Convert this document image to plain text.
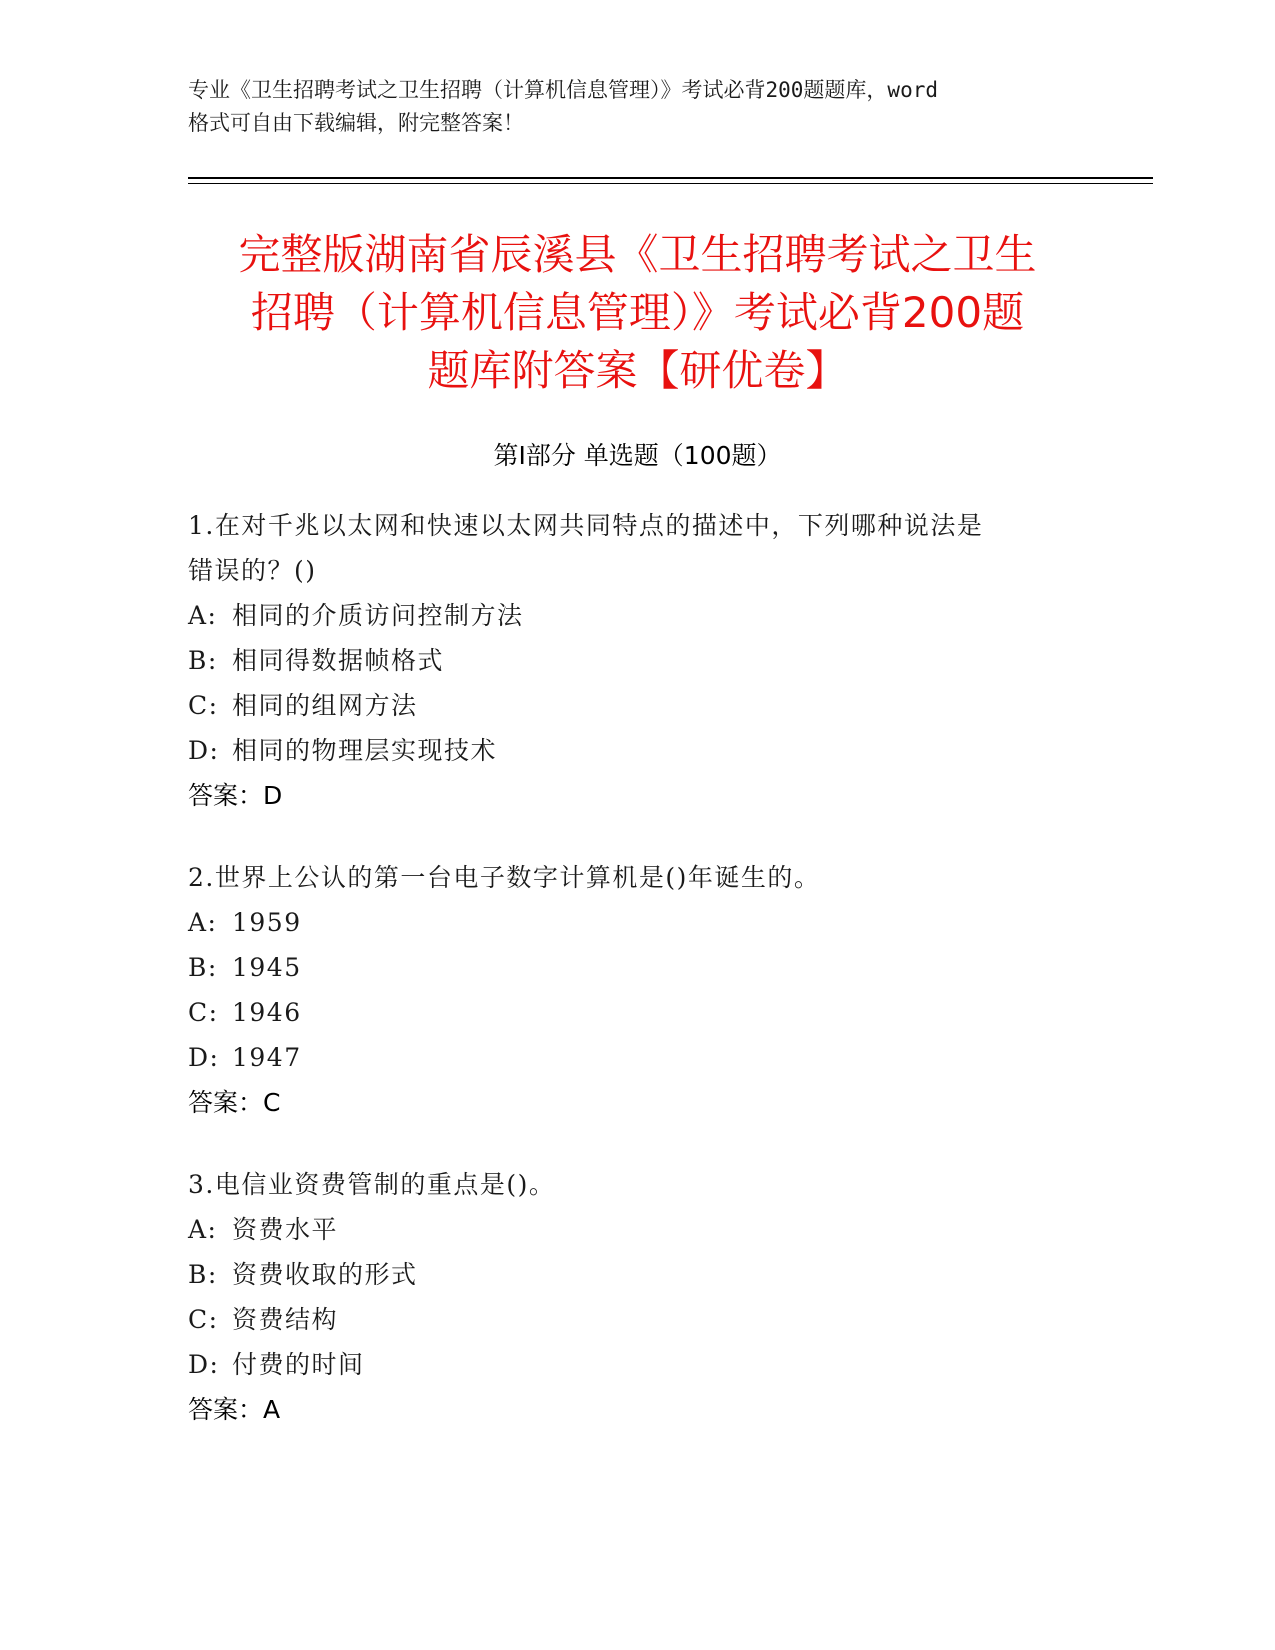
专业《卫生招聘考试之卫生招聘（计算机信息管理）》考试必背200题题库，word
格式可自由下载编辑，附完整答案！
完整版湖南省辰溪县《卫生招聘考试之卫生
招聘（计算机信息管理）》考试必背200题
题库附答案【研优卷】
第Ⅰ部分 单选题（100题）
1.在对千兆以太网和快速以太网共同特点的描述中，下列哪种说法是
错误的？()
A: 相同的介质访问控制方法
B: 相同得数据帧格式
C: 相同的组网方法
D: 相同的物理层实现技术
答案：D
2.世界上公认的第一台电子数字计算机是()年诞生的。
A: 1959
B: 1945
C: 1946
D: 1947
答案：C
3.电信业资费管制的重点是()。
A: 资费水平
B: 资费收取的形式
C: 资费结构
D: 付费的时间
答案：A
